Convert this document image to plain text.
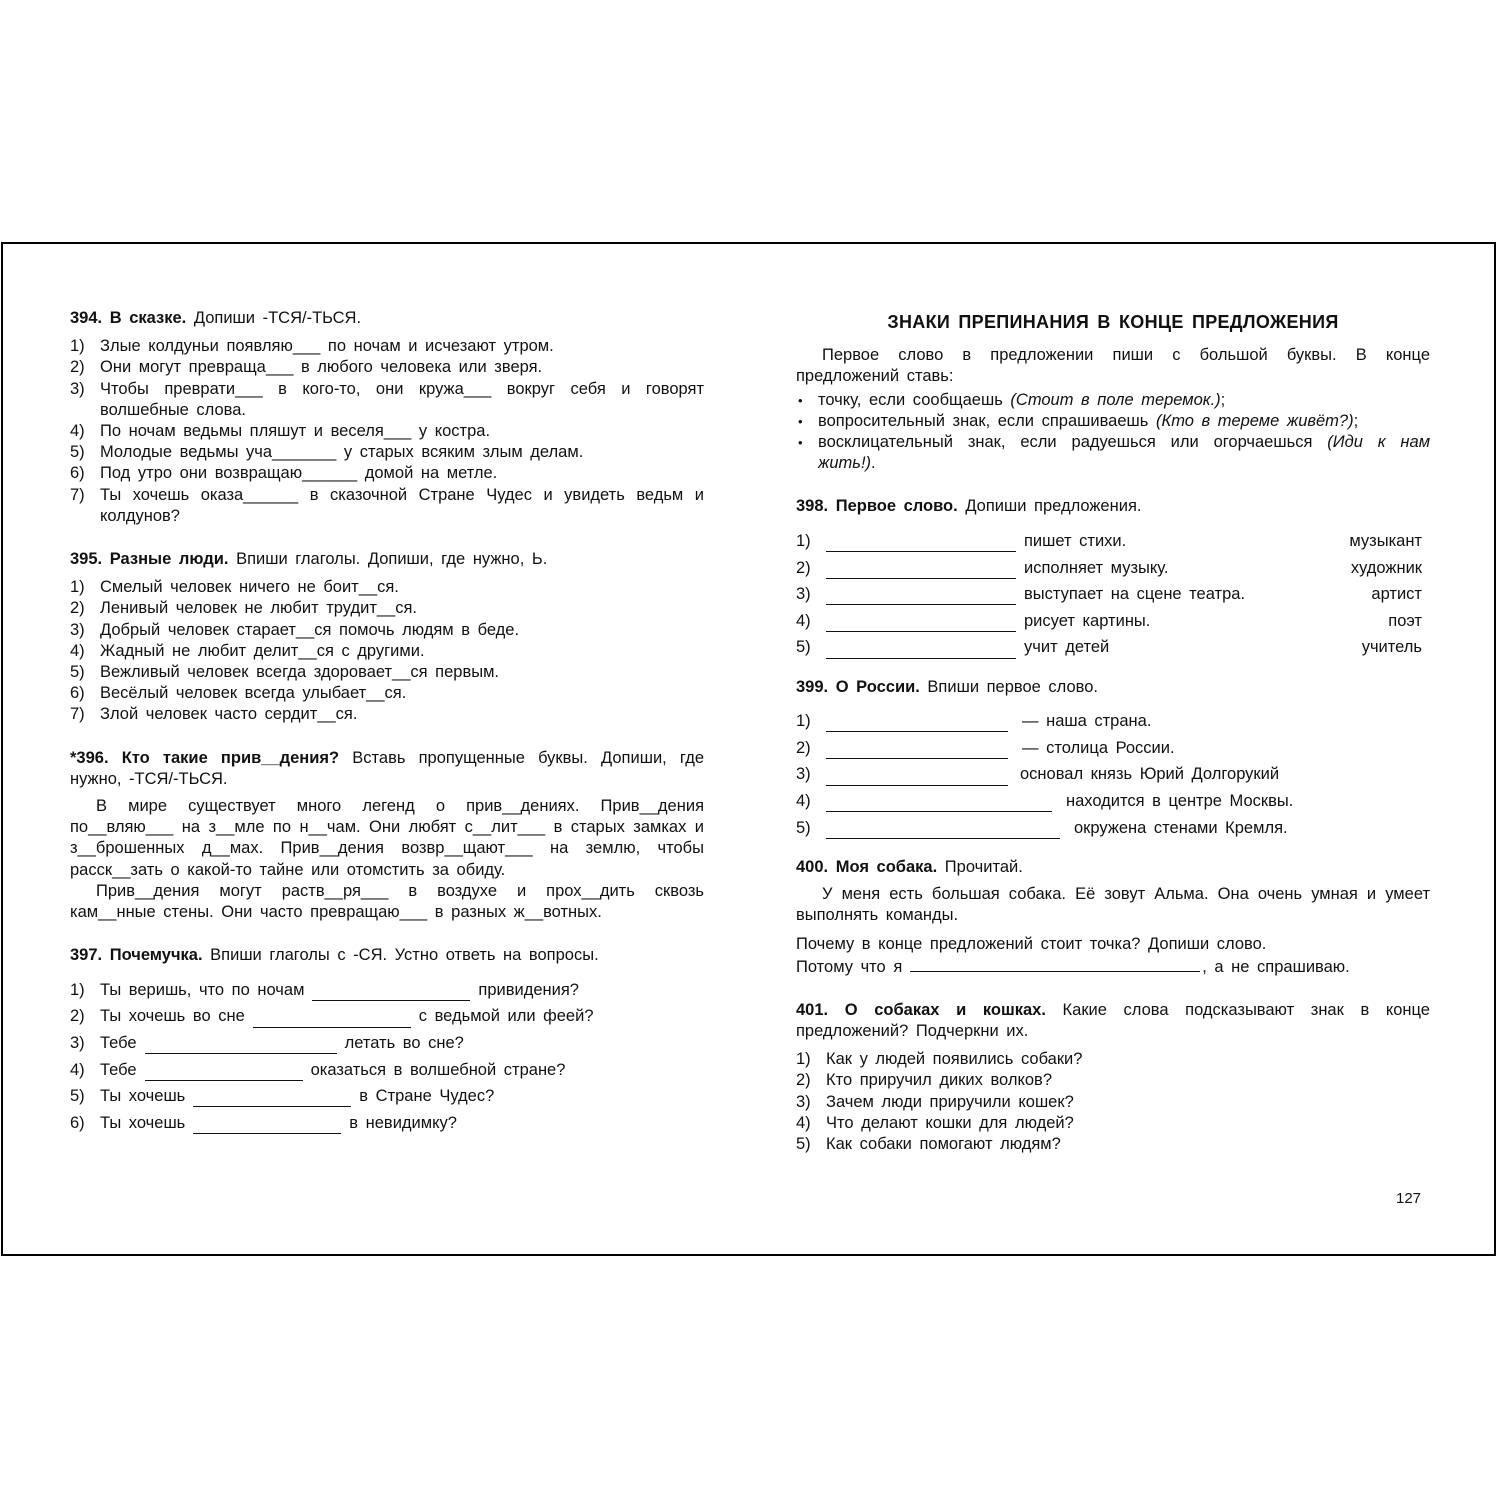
394. В сказке. Допиши -ТСЯ/-ТЬСЯ.

1) Злые колдуньи появляю___ по ночам и исчезают утром.
2) Они могут превраща___ в любого человека или зверя.
3) Чтобы преврати___ в кого-то, они кружа___ вокруг себя и говорят волшебные слова.
4) По ночам ведьмы пляшут и веселя___ у костра.
5) Молодые ведьмы уча_______ у старых всяким злым делам.
6) Под утро они возвращаю______ домой на метле.
7) Ты хочешь оказа______ в сказочной Стране Чудес и увидеть ведьм и колдунов?

395. Разные люди. Впиши глаголы. Допиши, где нужно, Ь.

1) Смелый человек ничего не боит__ся.
2) Ленивый человек не любит трудит__ся.
3) Добрый человек старает__ся помочь людям в беде.
4) Жадный не любит делит__ся с другими.
5) Вежливый человек всегда здоровает__ся первым.
6) Весёлый человек всегда улыбает__ся.
7) Злой человек часто сердит__ся.

*396. Кто такие прив__дения? Вставь пропущенные буквы. Допиши, где нужно, -ТСЯ/-ТЬСЯ.

В мире существует много легенд о прив__дениях. Прив__дения по__вляю___ на з__мле по н__чам. Они любят с__лит___ в старых замках и з__брошенных д__мах. Прив__дения возвр__щают___ на землю, чтобы расск__зать о какой-то тайне или отомстить за обиду.

Прив__дения могут раств__ря___ в воздухе и прох__дить сквозь кам__нные стены. Они часто превращаю___ в разных ж__вотных.

397. Почемучка. Впиши глаголы с -СЯ. Устно ответь на вопросы.

1) Ты веришь, что по ночам	привидения?
2) Ты хочешь во сне	с ведьмой или феей?
3) Тебе	летать во сне?
4) Тебе	оказаться в волшебной стране?
5) Ты хочешь	в Стране Чудес?
6) Ты хочешь	в невидимку?
ЗНАКИ ПРЕПИНАНИЯ В КОНЦЕ ПРЕДЛОЖЕНИЯ

Первое слово в предложении пиши с большой буквы. В конце предложений ставь:

• точку, если сообщаешь (Стоит в поле теремок.);
• вопросительный знак, если спрашиваешь (Кто в тереме живёт?);
• восклицательный знак, если радуешься или огорчаешься (Иди к нам жить!).

398. Первое слово. Допиши предложения.

1)	пишет стихи.	музыкант
2)	исполняет музыку.	художник
3)	выступает на сцене театра.	артист
4)	рисует картины.	поэт
5)	учит детей	учитель

399. О России. Впиши первое слово.

1)	— наша страна.
2)	— столица России.
3)	основал князь Юрий Долгорукий
4)	находится в центре Москвы.
5)	окружена стенами Кремля.

400. Моя собака. Прочитай.

У меня есть большая собака. Её зовут Альма. Она очень умная и умеет выполнять команды.

Почему в конце предложений стоит точка? Допиши слово.

Потому что я	, а не спрашиваю.

401. О собаках и кошках. Какие слова подсказывают знак в конце предложений? Подчеркни их.

1) Как у людей появились собаки?
2) Кто приручил диких волков?
3) Зачем люди приручили кошек?
4) Что делают кошки для людей?
5) Как собаки помогают людям?
127
